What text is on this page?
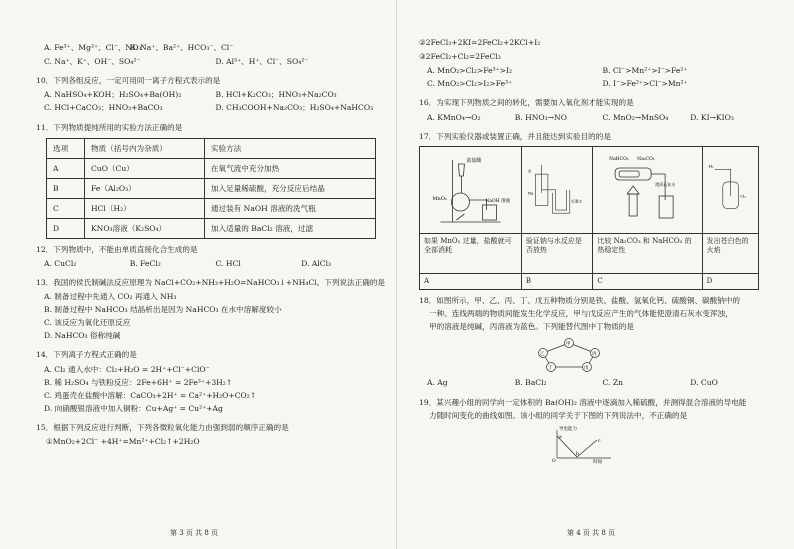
A. Fe³⁺、Mg²⁺、Cl⁻、NO₃⁻
B. Na⁺、Ba²⁺、HCO₃⁻、Cl⁻
C. Na⁺、K⁺、OH⁻、SO₄²⁻	D. Al³⁺、H⁺、Cl⁻、SO₄²⁻
10．下列各组反应，一定可用同一离子方程式表示的是
A. NaHSO₄+KOH；H₂SO₄+Ba(OH)₂	B. HCl+K₂CO₃；HNO₃+Na₂CO₃
C. HCl+CaCO₃；HNO₃+BaCO₃	D. CH₃COOH+Na₂CO₃；H₂SO₄+NaHCO₃
11．下列物质提纯所用的实验方法正确的是
选项	物质（括号内为杂质）	实验方法
A	CuO（Cu）	在氧气流中充分加热
B	Fe（Al₂O₃）	加入足量稀硫酸，充分反应后结晶
C	HCl（H₂）	通过装有 NaOH 溶液的洗气瓶
D	KNO₃溶液（K₂SO₄）	加入适量的 BaCl₂ 溶液，过滤
12．下列物质中，不能由单质直接化合生成的是
A. CuCl₂	B. FeCl₂	C. HCl	D. AlCl₃
13．我国的侯氏制碱法反应原理为 NaCl+CO₂+NH₃+H₂O=NaHCO₃↓+NH₄Cl。下列说法正确的是
A. 制备过程中先通入 CO₂ 再通入 NH₃
B. 制备过程中 NaHCO₃ 结晶析出是因为 NaHCO₃ 在水中溶解度较小
C. 该反应为氧化还原反应
D. NaHCO₃ 俗称纯碱
14．下列离子方程式正确的是
A. Cl₂ 通入水中：Cl₂+H₂O = 2H⁺+Cl⁻+ClO⁻
B. 稀 H₂SO₄ 与铁粉反应：2Fe+6H⁺ = 2Fe³⁺+3H₂↑
C. 鸡蛋壳在盐酸中溶解：CaCO₃+2H⁺ = Ca²⁺+H₂O+CO₂↑
D. 向硝酸银溶液中加入铜粉：Cu+Ag⁺ = Cu²⁺+Ag
15．根据下列反应进行判断，下列各微粒氧化能力由强到弱的顺序正确的是
①MnO₂+2Cl⁻ +4H⁺=Mn²⁺+Cl₂↑+2H₂O
第 3 页 共 8 页
②2FeCl₃+2KI=2FeCl₂+2KCl+I₂
③2FeCl₂+Cl₂=2FeCl₃
A. MnO₂>Cl₂>Fe³⁺>I₂	B. Cl⁻>Mn²⁺>I⁻>Fe²⁺
C. MnO₂>Cl₂>I₂>Fe³⁺	D. I⁻>Fe²⁺>Cl⁻>Mn²⁺
16．为实现下列物质之间的转化，需要加入氧化剂才能实现的是
A. KMnO₄→O₂	B. HNO₃→NO	C. MnO₂→MnSO₄	D. KI→KIO₃
17．下列实验仪器或装置正确，并且能达到实验目的的是
浓盐酸
MnO₂ NaOH 溶液	水
Na
红墨水	NaHCO₃ Na₂CO₃
澄清石灰水	H₂
Cl₂

如果 MnO₂ 过量，盐酸就可全部消耗	验证钠与水反应是否放热	比较 Na₂CO₃ 和 NaHCO₃ 的热稳定性	发出苍白色的火焰
A	B	C	D
18．如图所示，甲、乙、丙、丁、戊五种物质分别是铁、盐酸、氢氧化钙、硫酸铜、碳酸钠中的
一种。连线两端的物质间能发生化学反应，甲与戊反应产生的气体能使澄清石灰水变浑浊，
甲的溶液是纯碱，丙溶液为蓝色。下列能替代图中丁物质的是
甲
乙	丙
丁	戊
A. Ag	B. BaCl₂	C. Zn	D. CuO
19．某兴趣小组的同学向一定体积的 Ba(OH)₂ 溶液中逐滴加入稀硫酸，并测得混合溶液的导电能
力随时间变化的曲线如图。该小组的同学关于下图的下列说法中，不正确的是
导电能力
时间
O
a
b
c
第 4 页 共 8 页
